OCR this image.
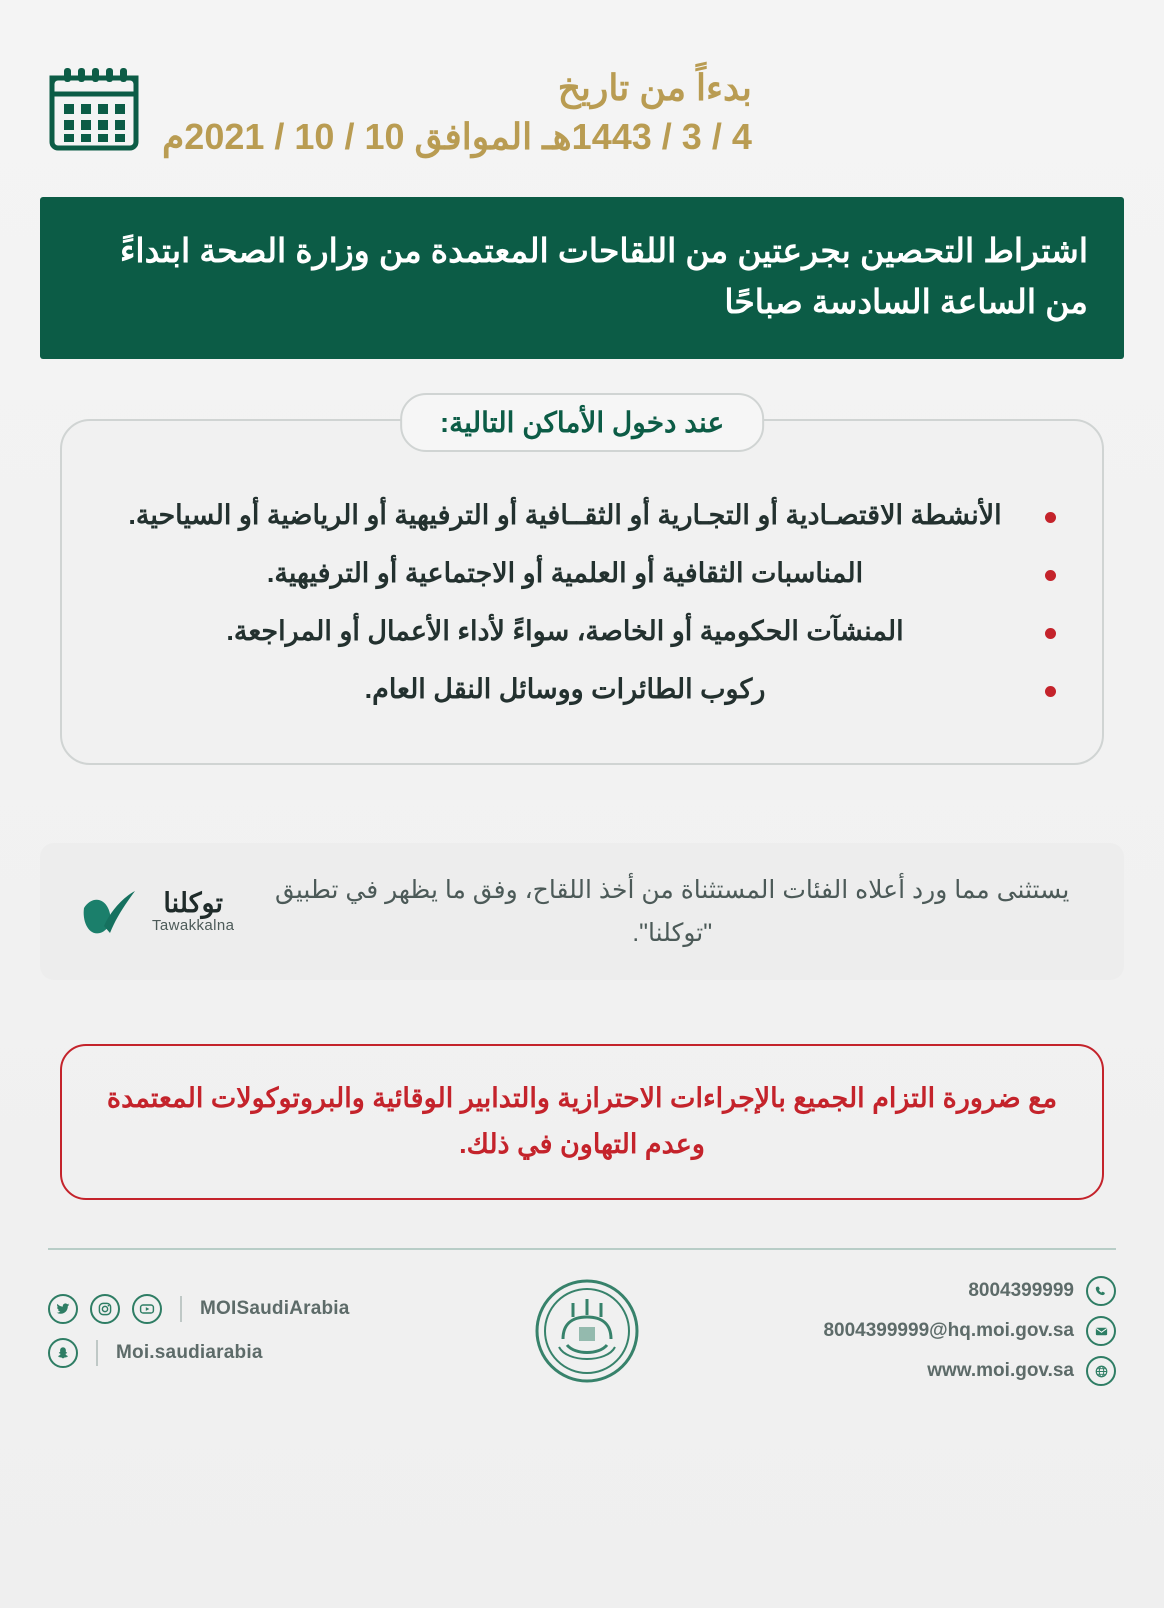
بدءاً من تاريخ
4 / 3 / 1443هـ الموافق 10 / 10 / 2021م
اشتراط التحصين بجرعتين من اللقاحات المعتمدة من وزارة الصحة ابتداءً من الساعة السادسة صباحًا
عند دخول الأماكن التالية:
الأنشطة الاقتصـادية أو التجـارية أو الثقــافية أو الترفيهية أو الرياضية أو السياحية.
المناسبات الثقافية أو العلمية أو الاجتماعية أو الترفيهية.
المنشآت الحكومية أو الخاصة، سواءً لأداء الأعمال أو المراجعة.
ركوب الطائرات ووسائل النقل العام.
يستثنى مما ورد أعلاه الفئات المستثناة من أخذ اللقاح، وفق ما يظهر في تطبيق "توكلنا".
توكلنا
Tawakkalna
مع ضرورة التزام الجميع بالإجراءات الاحترازية والتدابير الوقائية والبروتوكولات المعتمدة وعدم التهاون في ذلك.
MOISaudiArabia
Moi.saudiarabia
8004399999
8004399999@hq.moi.gov.sa
www.moi.gov.sa
